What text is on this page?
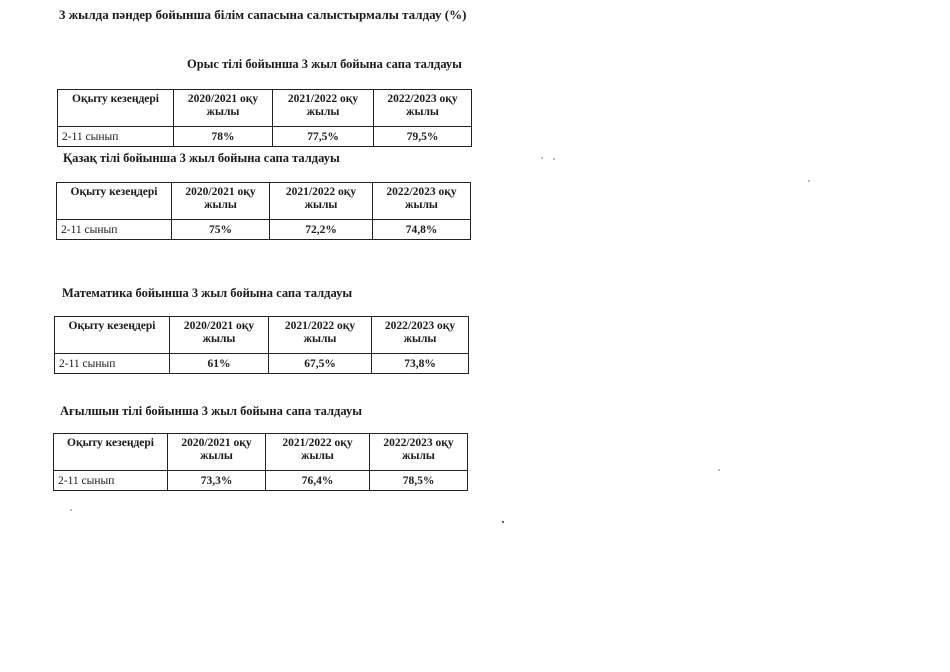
3 жылда пәндер бойынша білім сапасына салыстырмалы талдау (%)
Орыс тілі бойынша 3 жыл бойына сапа талдауы
Оқыту кезеңдері	2020/2021 оқу жылы	2021/2022 оқу жылы	2022/2023 оқу жылы
2-11 сынып	78%	77,5%	79,5%
Қазақ тілі бойынша 3 жыл бойына сапа талдауы
Оқыту кезеңдері	2020/2021 оқу жылы	2021/2022 оқу жылы	2022/2023 оқу жылы
2-11 сынып	75%	72,2%	74,8%
Математика бойынша 3 жыл бойына сапа талдауы
Оқыту кезеңдері	2020/2021 оқу жылы	2021/2022 оқу жылы	2022/2023 оқу жылы
2-11 сынып	61%	67,5%	73,8%
Ағылшын тілі бойынша 3 жыл бойына сапа талдауы
Оқыту кезеңдері	2020/2021 оқу жылы	2021/2022 оқу жылы	2022/2023 оқу жылы
2-11 сынып	73,3%	76,4%	78,5%
